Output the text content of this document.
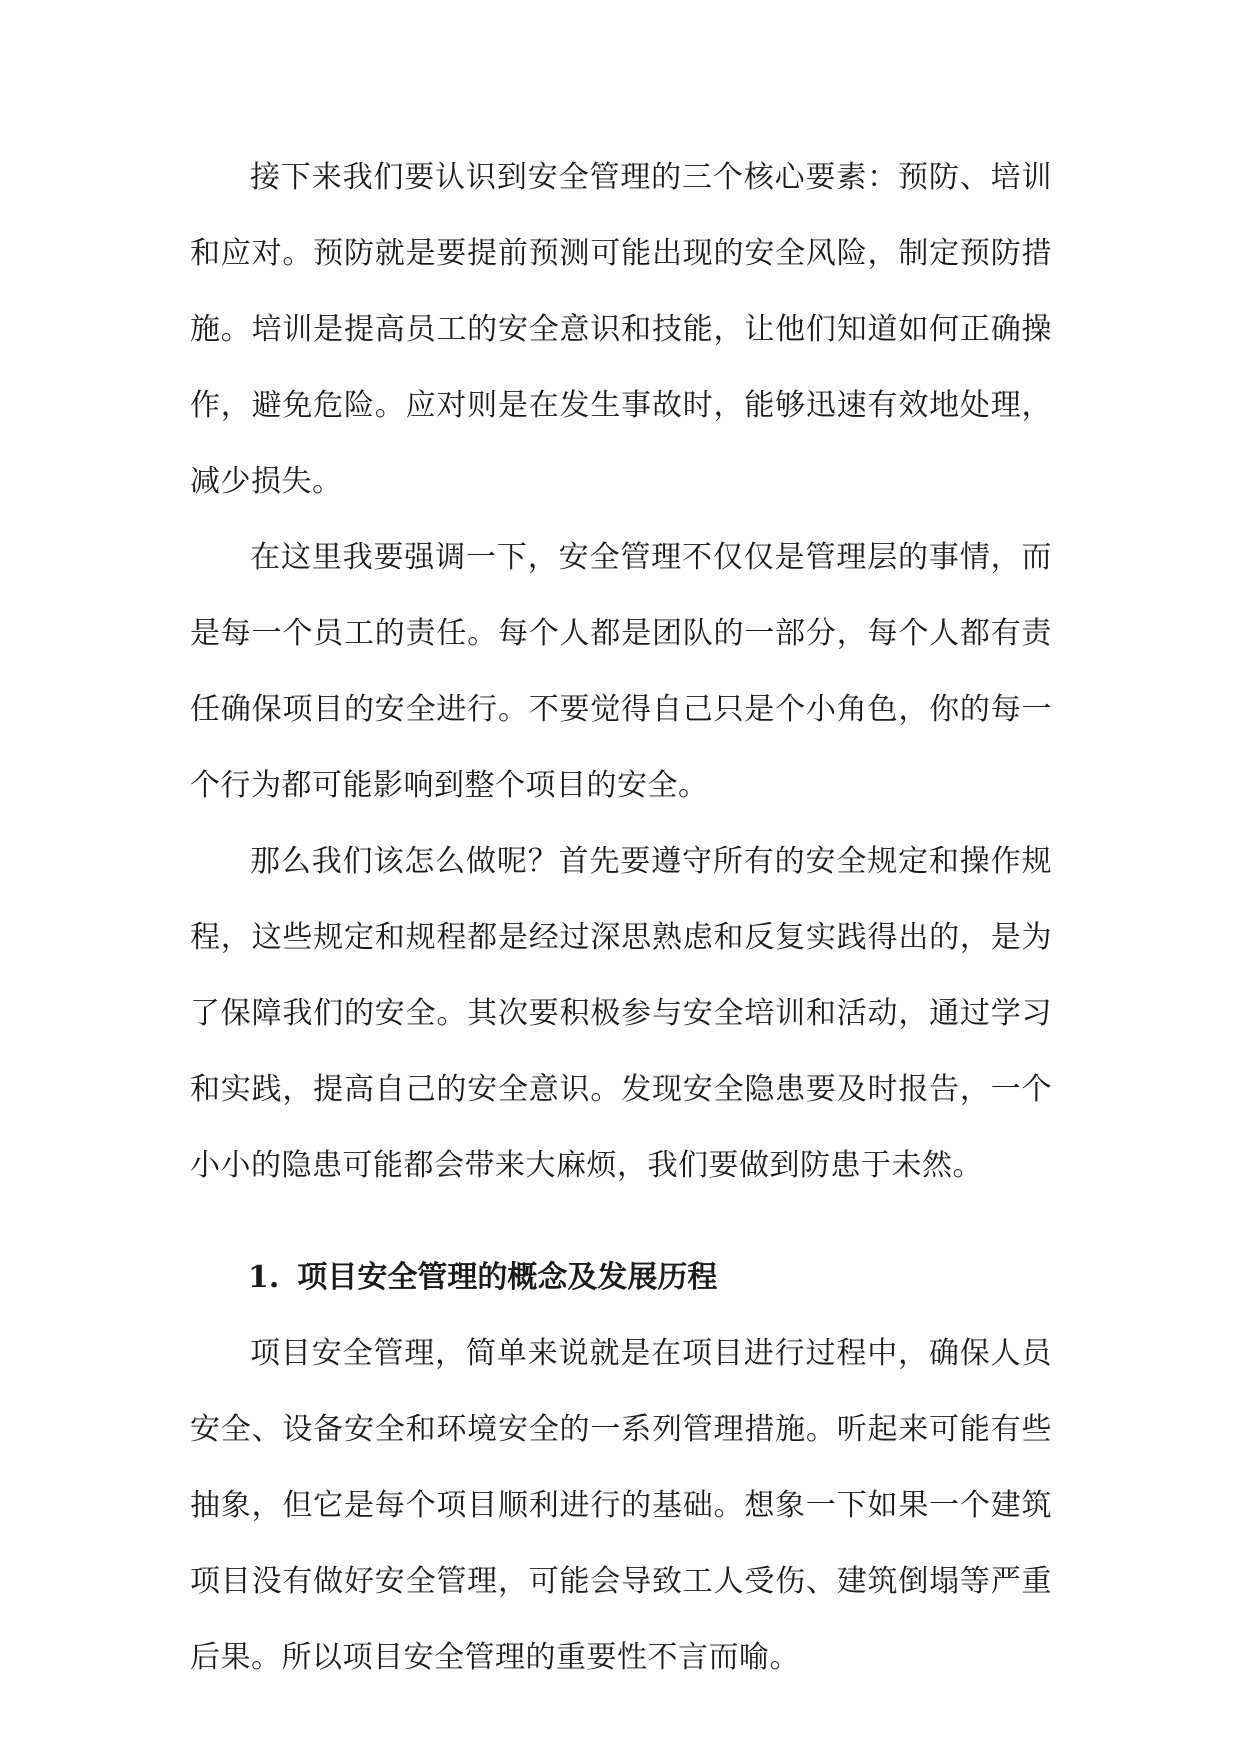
接下来我们要认识到安全管理的三个核心要素：预防、培训和应对。预防就是要提前预测可能出现的安全风险，制定预防措施。培训是提高员工的安全意识和技能，让他们知道如何正确操作，避免危险。应对则是在发生事故时，能够迅速有效地处理，减少损失。

在这里我要强调一下，安全管理不仅仅是管理层的事情，而是每一个员工的责任。每个人都是团队的一部分，每个人都有责任确保项目的安全进行。不要觉得自己只是个小角色，你的每一个行为都可能影响到整个项目的安全。

那么我们该怎么做呢？首先要遵守所有的安全规定和操作规程，这些规定和规程都是经过深思熟虑和反复实践得出的，是为了保障我们的安全。其次要积极参与安全培训和活动，通过学习和实践，提高自己的安全意识。发现安全隐患要及时报告，一个小小的隐患可能都会带来大麻烦，我们要做到防患于未然。

1. 项目安全管理的概念及发展历程

项目安全管理，简单来说就是在项目进行过程中，确保人员安全、设备安全和环境安全的一系列管理措施。听起来可能有些抽象，但它是每个项目顺利进行的基础。想象一下如果一个建筑项目没有做好安全管理，可能会导致工人受伤、建筑倒塌等严重后果。所以项目安全管理的重要性不言而喻。
